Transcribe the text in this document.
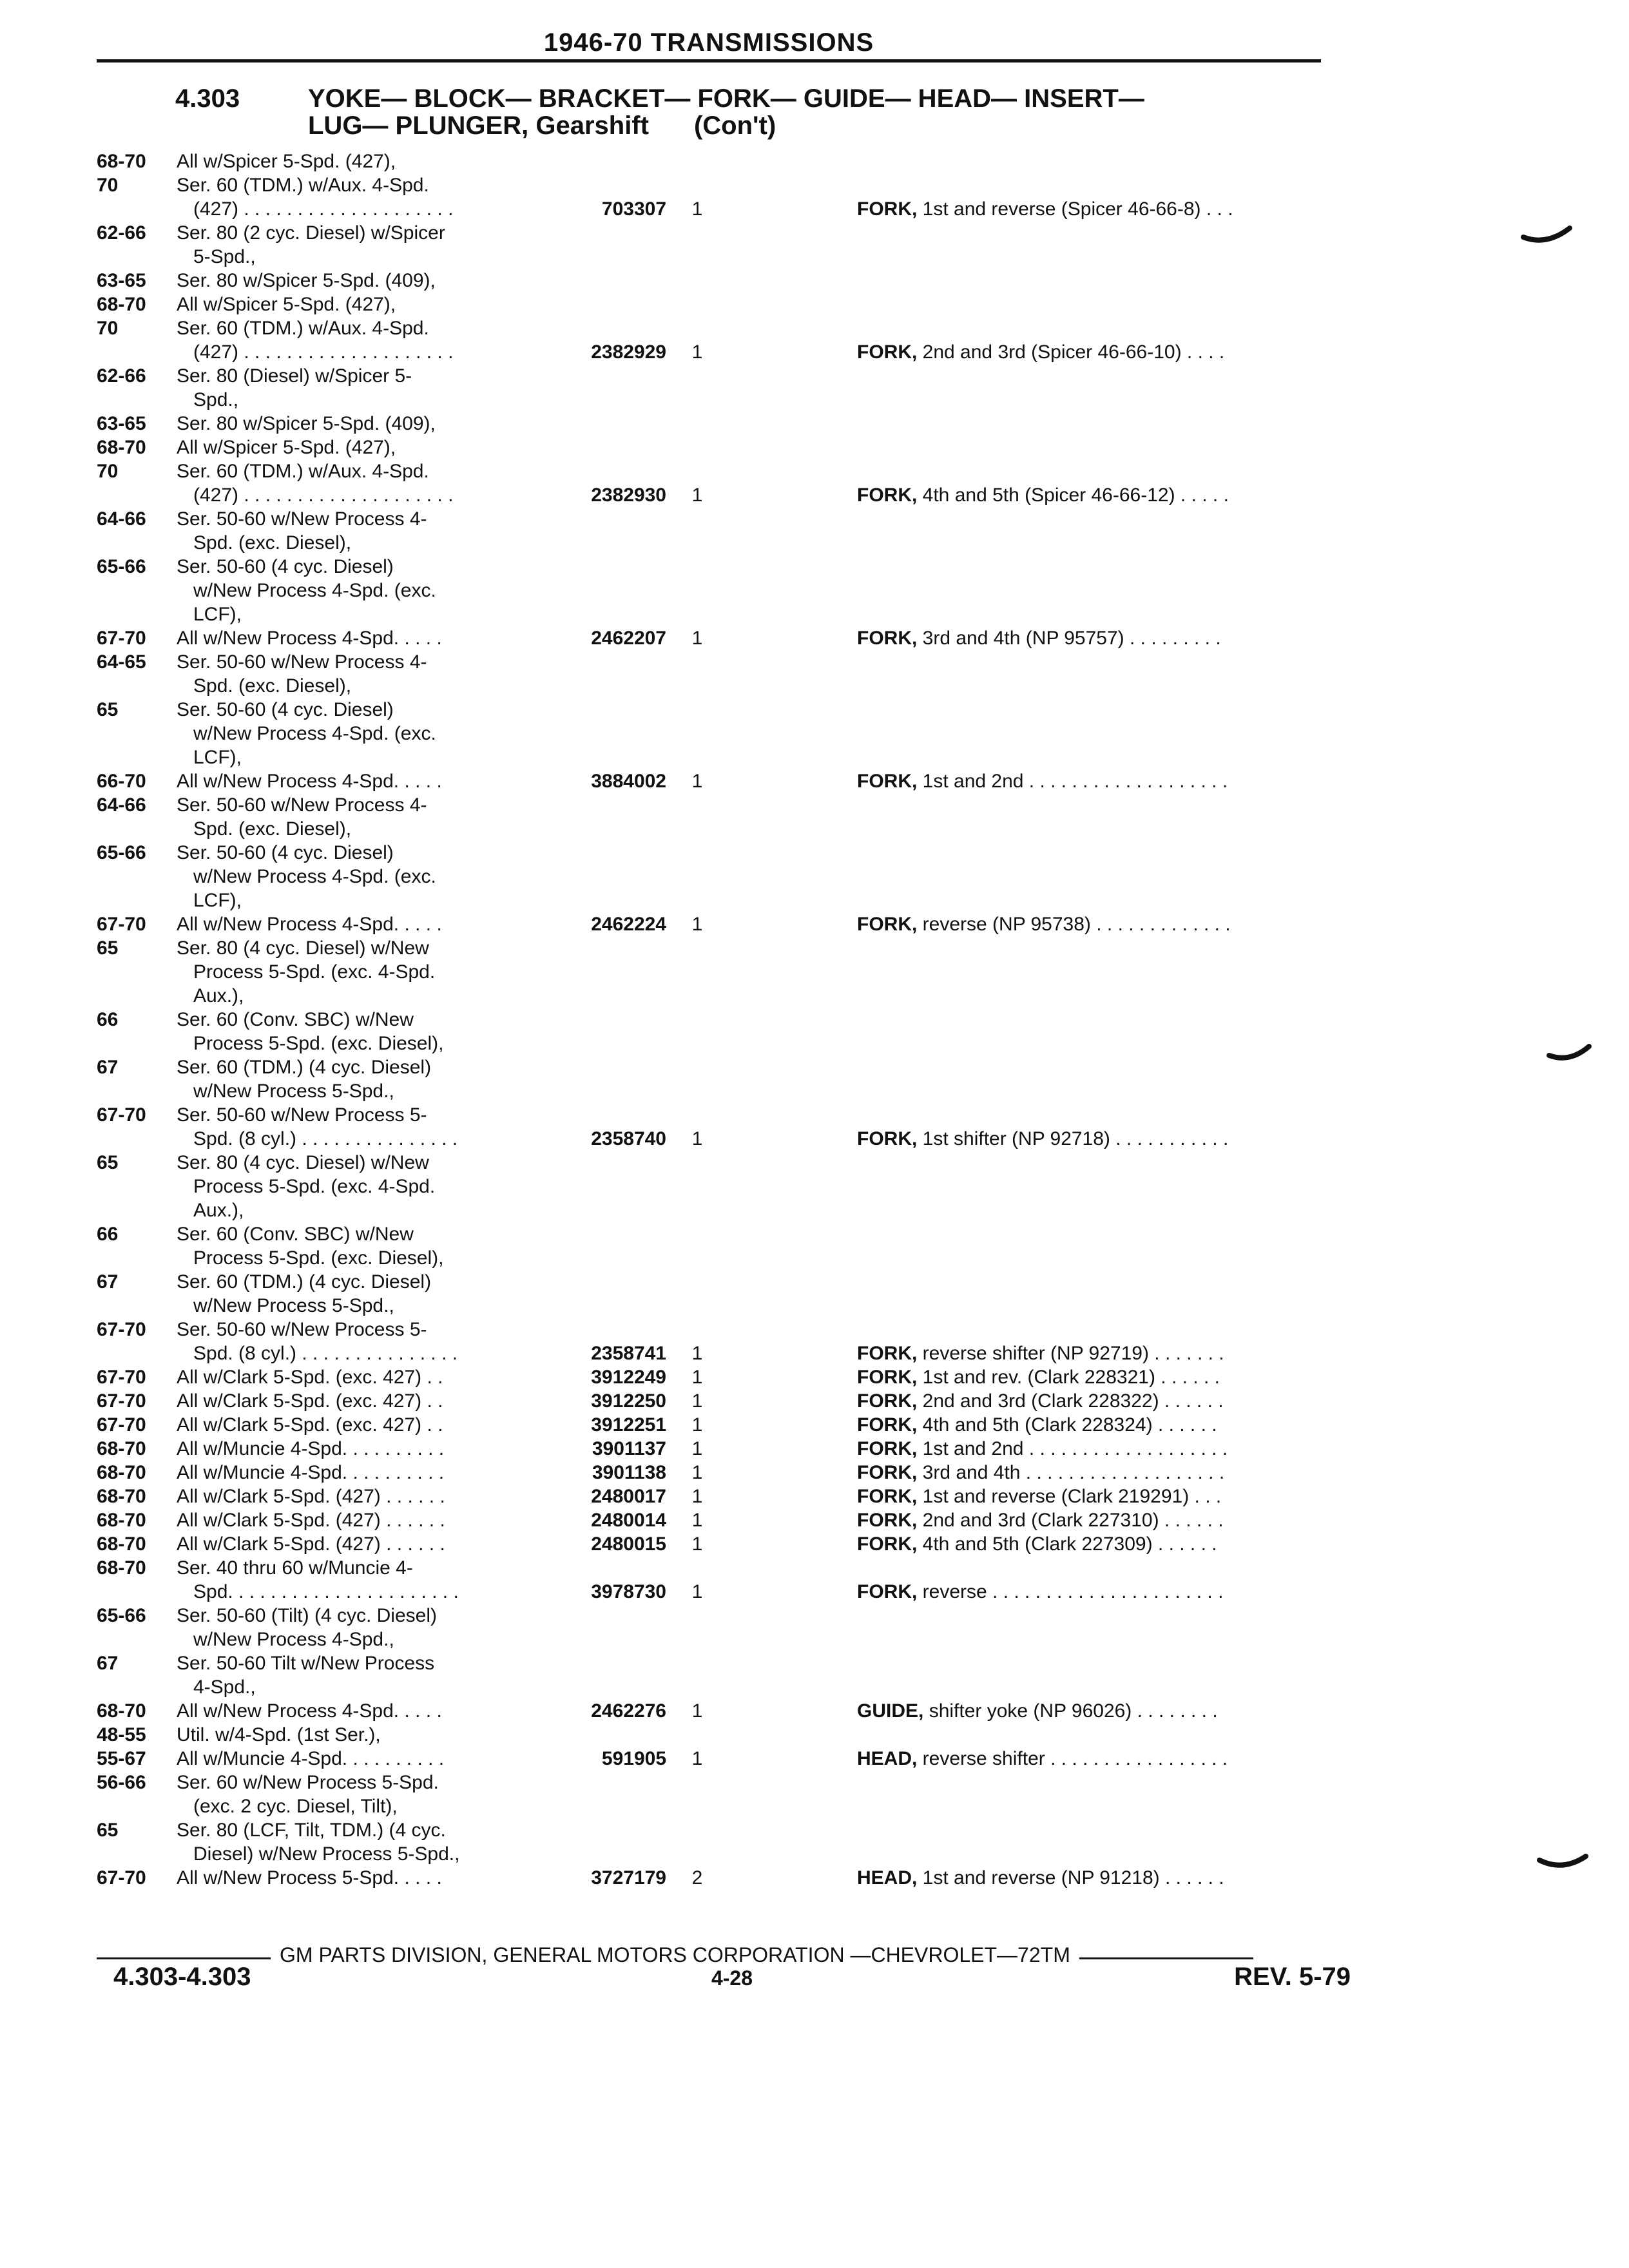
1946-70 TRANSMISSIONS
4.303	YOKE— BLOCK— BRACKET— FORK— GUIDE— HEAD— INSERT—
LUG— PLUNGER, Gearshift (Con't)
68-70	All w/Spicer 5-Spd. (427),
70	Ser. 60 (TDM.) w/Aux. 4-Spd.
(427) . . . . . . . . . . . . . . . . . . . .	703307	1	FORK, 1st and reverse (Spicer 46-66-8) . . .
62-66	Ser. 80 (2 cyc. Diesel) w/Spicer
5-Spd.,
63-65	Ser. 80 w/Spicer 5-Spd. (409),
68-70	All w/Spicer 5-Spd. (427),
70	Ser. 60 (TDM.) w/Aux. 4-Spd.
(427) . . . . . . . . . . . . . . . . . . . .	2382929	1	FORK, 2nd and 3rd (Spicer 46-66-10) . . . .
62-66	Ser. 80 (Diesel) w/Spicer 5-
Spd.,
63-65	Ser. 80 w/Spicer 5-Spd. (409),
68-70	All w/Spicer 5-Spd. (427),
70	Ser. 60 (TDM.) w/Aux. 4-Spd.
(427) . . . . . . . . . . . . . . . . . . . .	2382930	1	FORK, 4th and 5th (Spicer 46-66-12) . . . . .
64-66	Ser. 50-60 w/New Process 4-
Spd. (exc. Diesel),
65-66	Ser. 50-60 (4 cyc. Diesel)
w/New Process 4-Spd. (exc.
LCF),
67-70	All w/New Process 4-Spd. . . . .	2462207	1	FORK, 3rd and 4th (NP 95757) . . . . . . . . .
64-65	Ser. 50-60 w/New Process 4-
Spd. (exc. Diesel),
65	Ser. 50-60 (4 cyc. Diesel)
w/New Process 4-Spd. (exc.
LCF),
66-70	All w/New Process 4-Spd. . . . .	3884002	1	FORK, 1st and 2nd . . . . . . . . . . . . . . . . . . .
64-66	Ser. 50-60 w/New Process 4-
Spd. (exc. Diesel),
65-66	Ser. 50-60 (4 cyc. Diesel)
w/New Process 4-Spd. (exc.
LCF),
67-70	All w/New Process 4-Spd. . . . .	2462224	1	FORK, reverse (NP 95738) . . . . . . . . . . . . .
65	Ser. 80 (4 cyc. Diesel) w/New
Process 5-Spd. (exc. 4-Spd.
Aux.),
66	Ser. 60 (Conv. SBC) w/New
Process 5-Spd. (exc. Diesel),
67	Ser. 60 (TDM.) (4 cyc. Diesel)
w/New Process 5-Spd.,
67-70	Ser. 50-60 w/New Process 5-
Spd. (8 cyl.) . . . . . . . . . . . . . . .	2358740	1	FORK, 1st shifter (NP 92718) . . . . . . . . . . .
65	Ser. 80 (4 cyc. Diesel) w/New
Process 5-Spd. (exc. 4-Spd.
Aux.),
66	Ser. 60 (Conv. SBC) w/New
Process 5-Spd. (exc. Diesel),
67	Ser. 60 (TDM.) (4 cyc. Diesel)
w/New Process 5-Spd.,
67-70	Ser. 50-60 w/New Process 5-
Spd. (8 cyl.) . . . . . . . . . . . . . . .	2358741	1	FORK, reverse shifter (NP 92719) . . . . . . .
67-70	All w/Clark 5-Spd. (exc. 427) . .	3912249	1	FORK, 1st and rev. (Clark 228321) . . . . . .
67-70	All w/Clark 5-Spd. (exc. 427) . .	3912250	1	FORK, 2nd and 3rd (Clark 228322) . . . . . .
67-70	All w/Clark 5-Spd. (exc. 427) . .	3912251	1	FORK, 4th and 5th (Clark 228324) . . . . . .
68-70	All w/Muncie 4-Spd. . . . . . . . . .	3901137	1	FORK, 1st and 2nd . . . . . . . . . . . . . . . . . . .
68-70	All w/Muncie 4-Spd. . . . . . . . . .	3901138	1	FORK, 3rd and 4th . . . . . . . . . . . . . . . . . . .
68-70	All w/Clark 5-Spd. (427) . . . . . .	2480017	1	FORK, 1st and reverse (Clark 219291) . . .
68-70	All w/Clark 5-Spd. (427) . . . . . .	2480014	1	FORK, 2nd and 3rd (Clark 227310) . . . . . .
68-70	All w/Clark 5-Spd. (427) . . . . . .	2480015	1	FORK, 4th and 5th (Clark 227309) . . . . . .
68-70	Ser. 40 thru 60 w/Muncie 4-
Spd. . . . . . . . . . . . . . . . . . . . . .	3978730	1	FORK, reverse . . . . . . . . . . . . . . . . . . . . . .
65-66	Ser. 50-60 (Tilt) (4 cyc. Diesel)
w/New Process 4-Spd.,
67	Ser. 50-60 Tilt w/New Process
4-Spd.,
68-70	All w/New Process 4-Spd. . . . .	2462276	1	GUIDE, shifter yoke (NP 96026) . . . . . . . .
48-55	Util. w/4-Spd. (1st Ser.),
55-67	All w/Muncie 4-Spd. . . . . . . . . .	591905	1	HEAD, reverse shifter . . . . . . . . . . . . . . . . .
56-66	Ser. 60 w/New Process 5-Spd.
(exc. 2 cyc. Diesel, Tilt),
65	Ser. 80 (LCF, Tilt, TDM.) (4 cyc.
Diesel) w/New Process 5-Spd.,
67-70	All w/New Process 5-Spd. . . . .	3727179	2	HEAD, 1st and reverse (NP 91218) . . . . . .
GM PARTS DIVISION, GENERAL MOTORS CORPORATION —CHEVROLET—72TM
4.303-4.303	4-28	REV. 5-79
